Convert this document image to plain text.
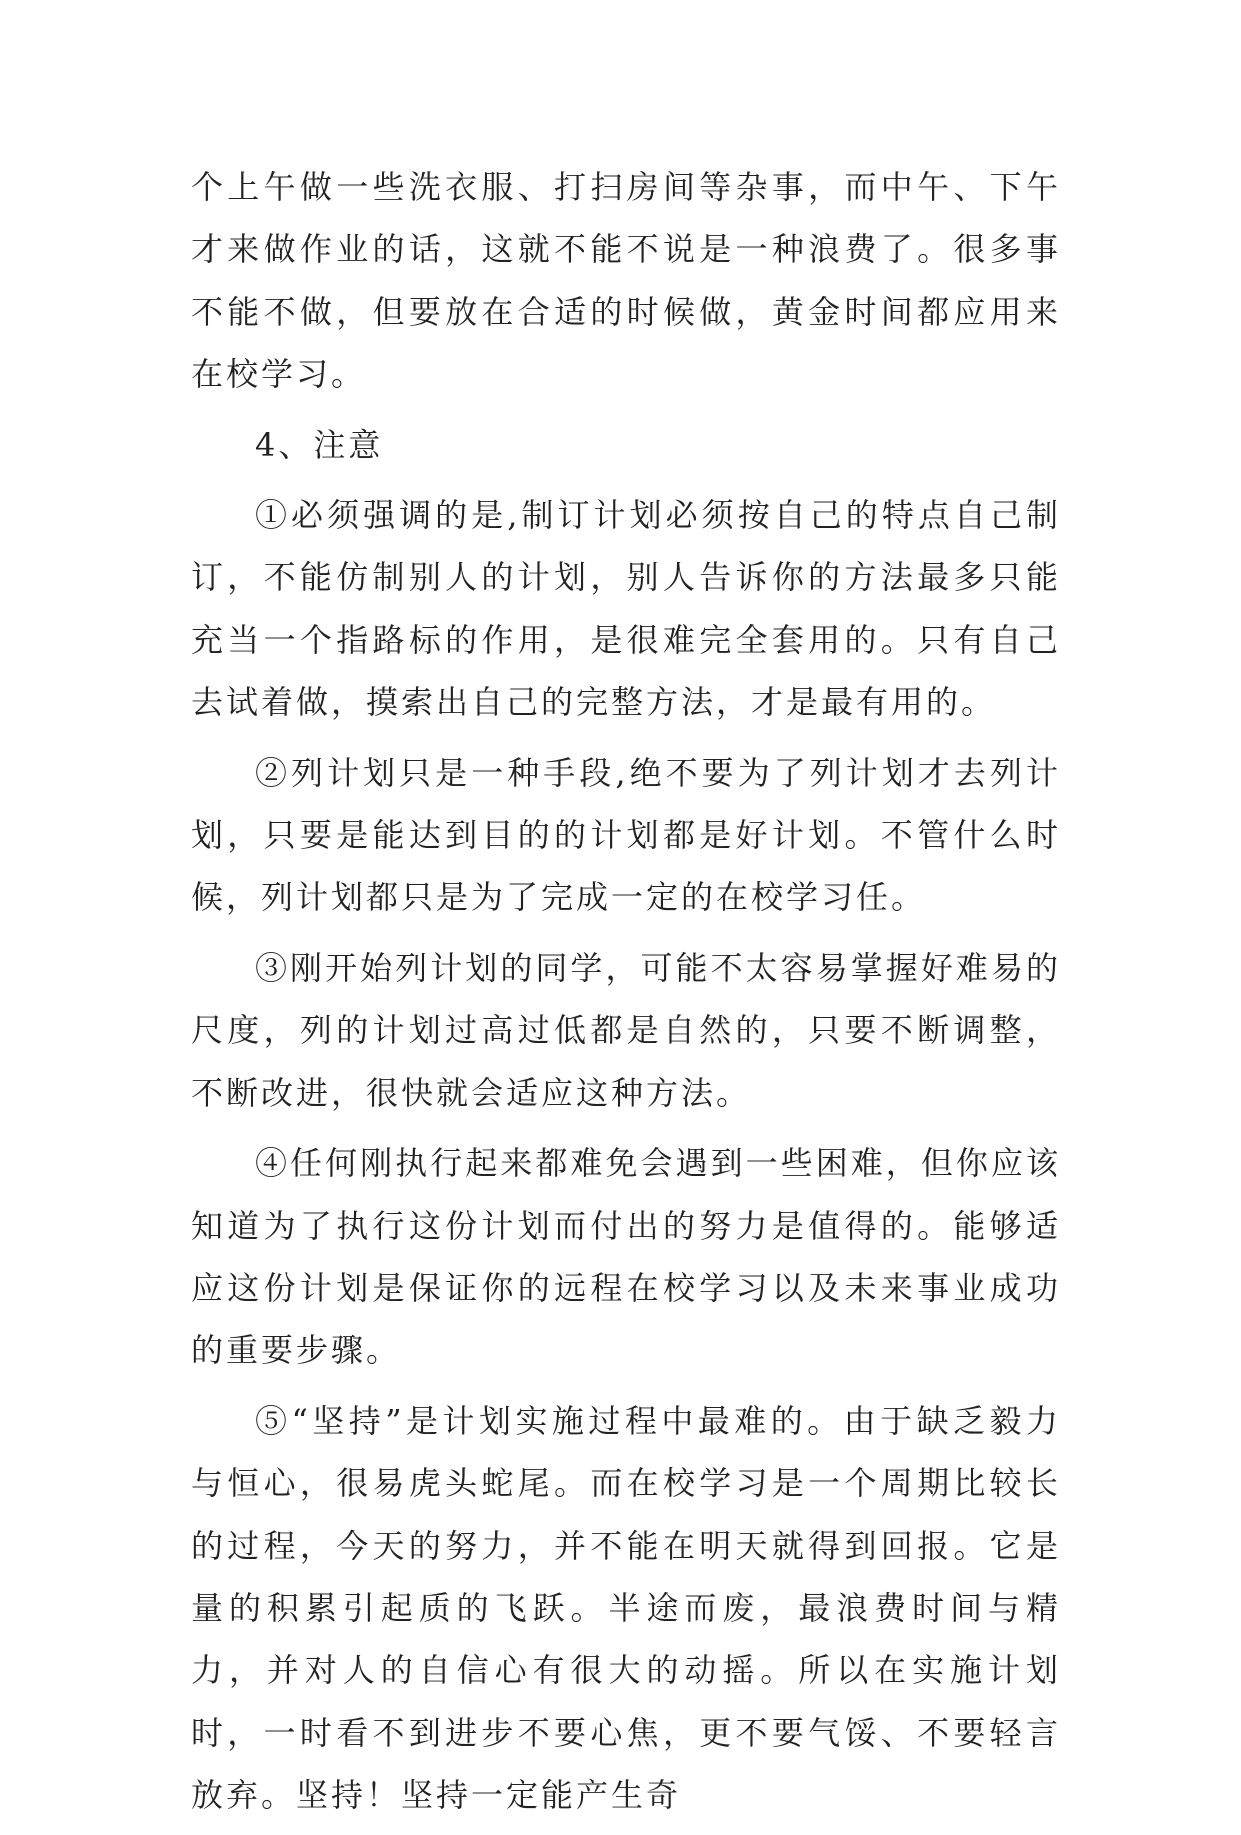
个上午做一些洗衣服、打扫房间等杂事，而中午、下午才来做作业的话，这就不能不说是一种浪费了。很多事不能不做，但要放在合适的时候做，黄金时间都应用来在校学习。

4、注意

①必须强调的是,制订计划必须按自己的特点自己制订，不能仿制别人的计划，别人告诉你的方法最多只能充当一个指路标的作用，是很难完全套用的。只有自己去试着做，摸索出自己的完整方法，才是最有用的。

②列计划只是一种手段,绝不要为了列计划才去列计划，只要是能达到目的的计划都是好计划。不管什么时候，列计划都只是为了完成一定的在校学习任。

③刚开始列计划的同学，可能不太容易掌握好难易的尺度，列的计划过高过低都是自然的，只要不断调整，不断改进，很快就会适应这种方法。

④任何刚执行起来都难免会遇到一些困难，但你应该知道为了执行这份计划而付出的努力是值得的。能够适应这份计划是保证你的远程在校学习以及未来事业成功的重要步骤。

⑤“坚持”是计划实施过程中最难的。由于缺乏毅力与恒心，很易虎头蛇尾。而在校学习是一个周期比较长的过程，今天的努力，并不能在明天就得到回报。它是量的积累引起质的飞跃。半途而废，最浪费时间与精力，并对人的自信心有很大的动摇。所以在实施计划时，一时看不到进步不要心焦，更不要气馁、不要轻言放弃。坚持！坚持一定能产生奇
